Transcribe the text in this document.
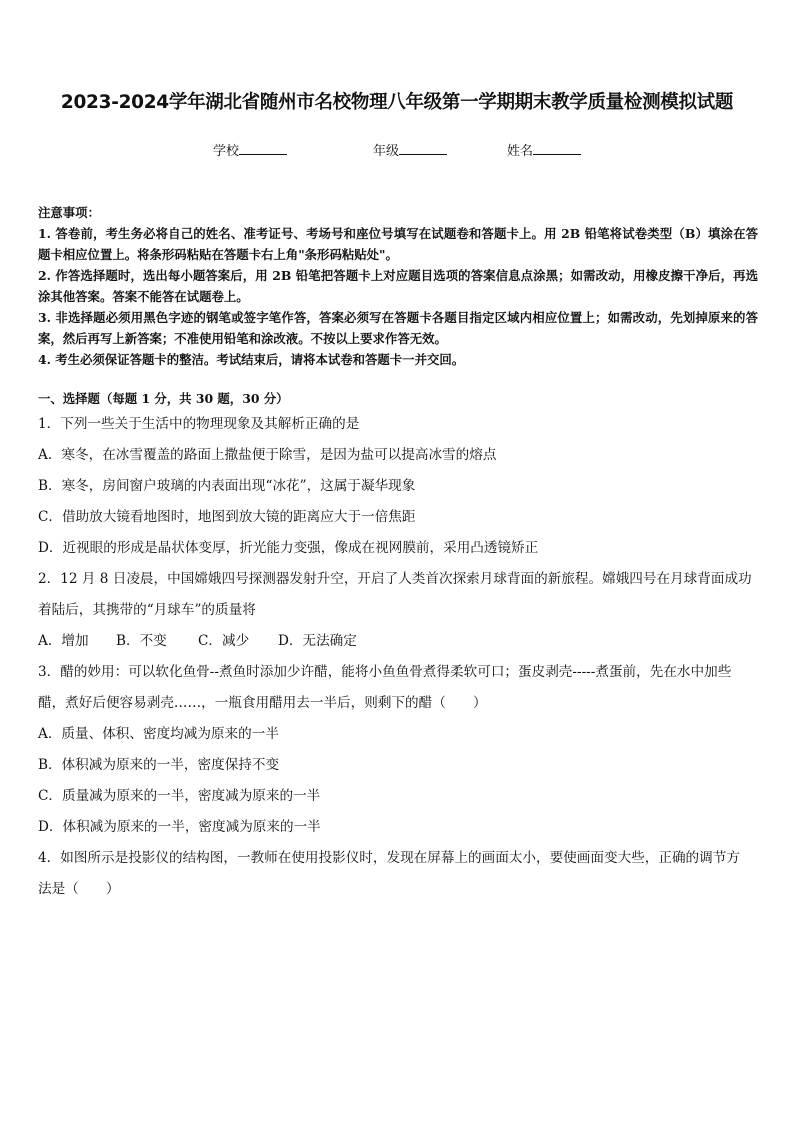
2023-2024学年湖北省随州市名校物理八年级第一学期期末教学质量检测模拟试题
学校	年级	姓名

注意事项：

1. 答卷前，考生务必将自己的姓名、准考证号、考场号和座位号填写在试题卷和答题卡上。用 2B 铅笔将试卷类型（B）填涂在答题卡相应位置上。将条形码粘贴在答题卡右上角"条形码粘贴处"。

2. 作答选择题时，选出每小题答案后，用 2B 铅笔把答题卡上对应题目选项的答案信息点涂黑；如需改动，用橡皮擦干净后，再选涂其他答案。答案不能答在试题卷上。

3. 非选择题必须用黑色字迹的钢笔或签字笔作答，答案必须写在答题卡各题目指定区域内相应位置上；如需改动，先划掉原来的答案，然后再写上新答案；不准使用铅笔和涂改液。不按以上要求作答无效。

4. 考生必须保证答题卡的整洁。考试结束后，请将本试卷和答题卡一并交回。

一、选择题（每题 1 分，共 30 题，30 分）
1．下列一些关于生活中的物理现象及其解析正确的是
A．寒冬，在冰雪覆盖的路面上撒盐便于除雪，是因为盐可以提高冰雪的熔点
B．寒冬，房间窗户玻璃的内表面出现“冰花”，这属于凝华现象
C．借助放大镜看地图时，地图到放大镜的距离应大于一倍焦距
D．近视眼的形成是晶状体变厚，折光能力变强，像成在视网膜前，采用凸透镜矫正
2．12 月 8 日凌晨，中国嫦娥四号探测器发射升空，开启了人类首次探索月球背面的新旅程。嫦娥四号在月球背面成功
着陆后，其携带的“月球车”的质量将
A．增加 B．不变 C．减少 D．无法确定
3．醋的妙用：可以软化鱼骨--煮鱼时添加少许醋，能将小鱼鱼骨煮得柔软可口；蛋皮剥壳-----煮蛋前，先在水中加些
醋，煮好后便容易剥壳……，一瓶食用醋用去一半后，则剩下的醋（　　）
A．质量、体积、密度均减为原来的一半
B．体积减为原来的一半，密度保持不变
C．质量减为原来的一半，密度减为原来的一半
D．体积减为原来的一半，密度减为原来的一半
4．如图所示是投影仪的结构图，一教师在使用投影仪时，发现在屏幕上的画面太小，要使画面变大些，正确的调节方
法是（　　）
